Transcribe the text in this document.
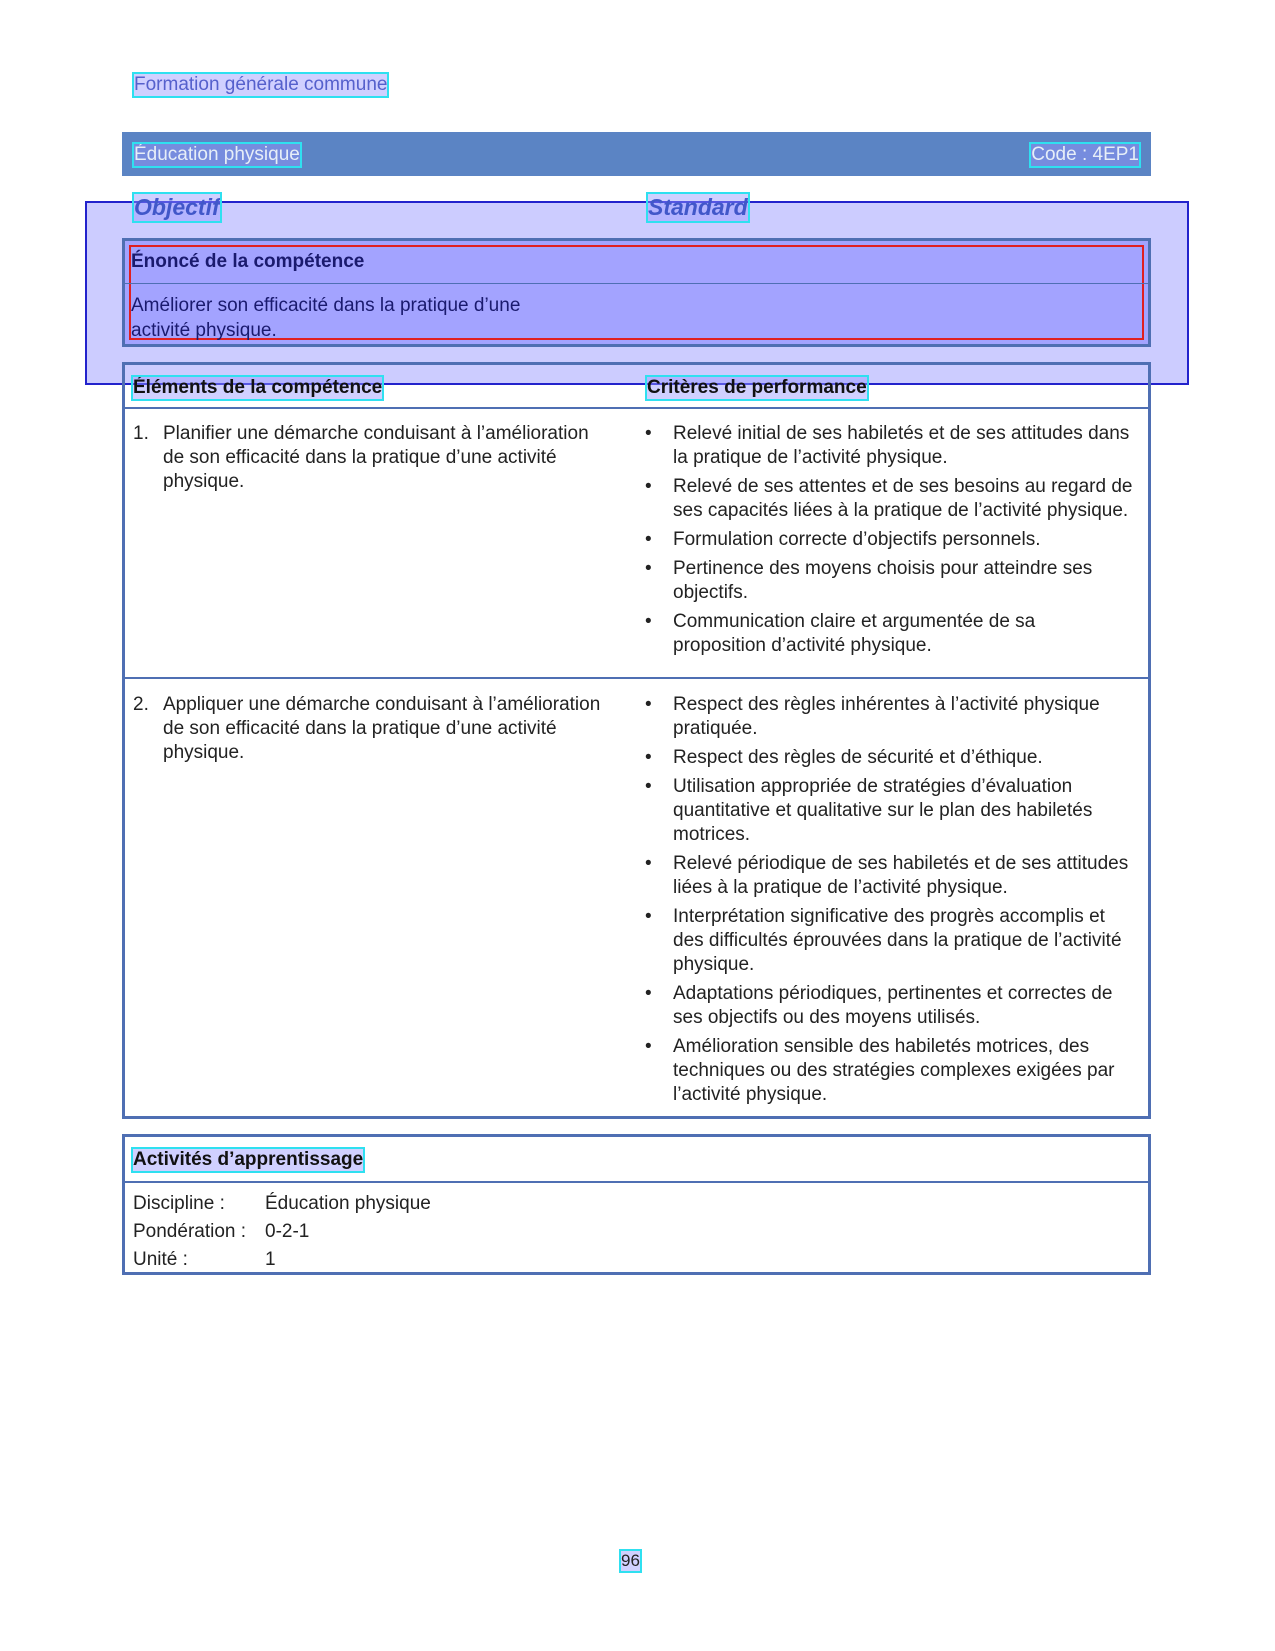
Formation générale commune
Éducation physique	Code : 4EP1
Objectif	Standard
Énoncé de la compétence
Améliorer son efficacité dans la pratique d’une activité physique.
Éléments de la compétence	Critères de performance
1. Planifier une démarche conduisant à l’amélioration de son efficacité dans la pratique d’une activité physique.
• Relevé initial de ses habiletés et de ses attitudes dans la pratique de l’activité physique.
• Relevé de ses attentes et de ses besoins au regard de ses capacités liées à la pratique de l’activité physique.
• Formulation correcte d’objectifs personnels.
• Pertinence des moyens choisis pour atteindre ses objectifs.
• Communication claire et argumentée de sa proposition d’activité physique.
2. Appliquer une démarche conduisant à l’amélioration de son efficacité dans la pratique d’une activité physique.
• Respect des règles inhérentes à l’activité physique pratiquée.
• Respect des règles de sécurité et d’éthique.
• Utilisation appropriée de stratégies d’évaluation quantitative et qualitative sur le plan des habiletés motrices.
• Relevé périodique de ses habiletés et de ses attitudes liées à la pratique de l’activité physique.
• Interprétation significative des progrès accomplis et des difficultés éprouvées dans la pratique de l’activité physique.
• Adaptations périodiques, pertinentes et correctes de ses objectifs ou des moyens utilisés.
• Amélioration sensible des habiletés motrices, des techniques ou des stratégies complexes exigées par l’activité physique.
Activités d’apprentissage
Discipline : Éducation physique
Pondération : 0-2-1
Unité :	1
96
